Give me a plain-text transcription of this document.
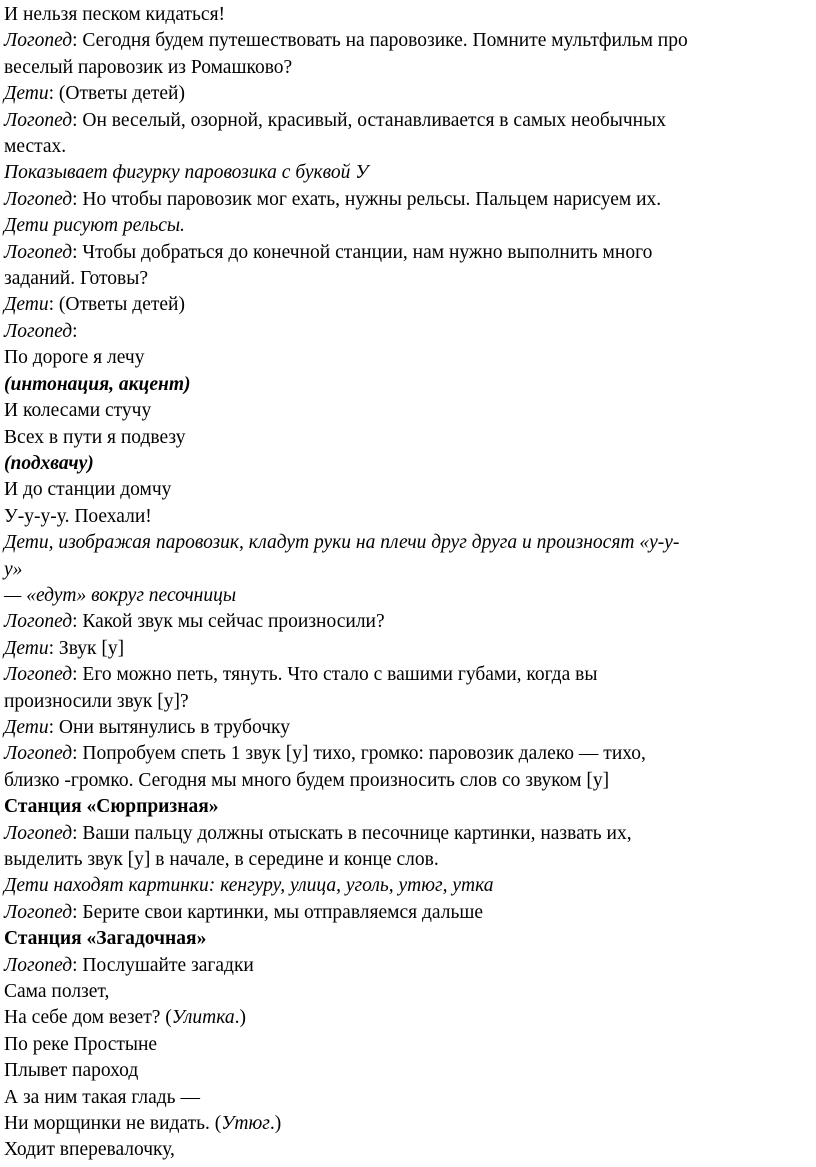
И нельзя песком кидаться!

Логопед: Сегодня будем путешествовать на паровозике. Помните мультфильм про

веселый паровозик из Ромашково?

Дети: (Ответы детей)

Логопед: Он веселый, озорной, красивый, останавливается в самых необычных

местах.

Показывает фигурку паровозика с буквой У

Логопед: Но чтобы паровозик мог ехать, нужны рельсы. Пальцем нарисуем их.

Дети рисуют рельсы.

Логопед: Чтобы добраться до конечной станции, нам нужно выполнить много

заданий. Готовы?

Дети: (Ответы детей)

Логопед:

По дороге я лечу

(интонация, акцент)

И колесами стучу

Всех в пути я подвезу

(подхвачу)

И до станции домчу

У-у-у-у. Поехали!

Дети, изображая паровозик, кладут руки на плечи друг друга и произносят «у-у-

у»

— «едут» вокруг песочницы

Логопед: Какой звук мы сейчас произносили?

Дети: Звук [у]

Логопед: Его можно петь, тянуть. Что стало с вашими губами, когда вы

произносили звук [у]?

Дети: Они вытянулись в трубочку

Логопед: Попробуем спеть 1 звук [у] тихо, громко: паровозик далеко — тихо,

близко -громко. Сегодня мы много будем произносить слов со звуком [у]

Станция «Сюрпризная»

Логопед: Ваши пальцу должны отыскать в песочнице картинки, назвать их,

выделить звук [у] в начале, в середине и конце слов.

Дети находят картинки: кенгуру, улица, уголь, утюг, утка

Логопед: Берите свои картинки, мы отправляемся дальше

Станция «Загадочная»

Логопед: Послушайте загадки

Сама ползет,

На себе дом везет? (Улитка.)

По реке Простыне

Плывет пароход

А за ним такая гладь —

Ни морщинки не видать. (Утюг.)

Ходит вперевалочку,
